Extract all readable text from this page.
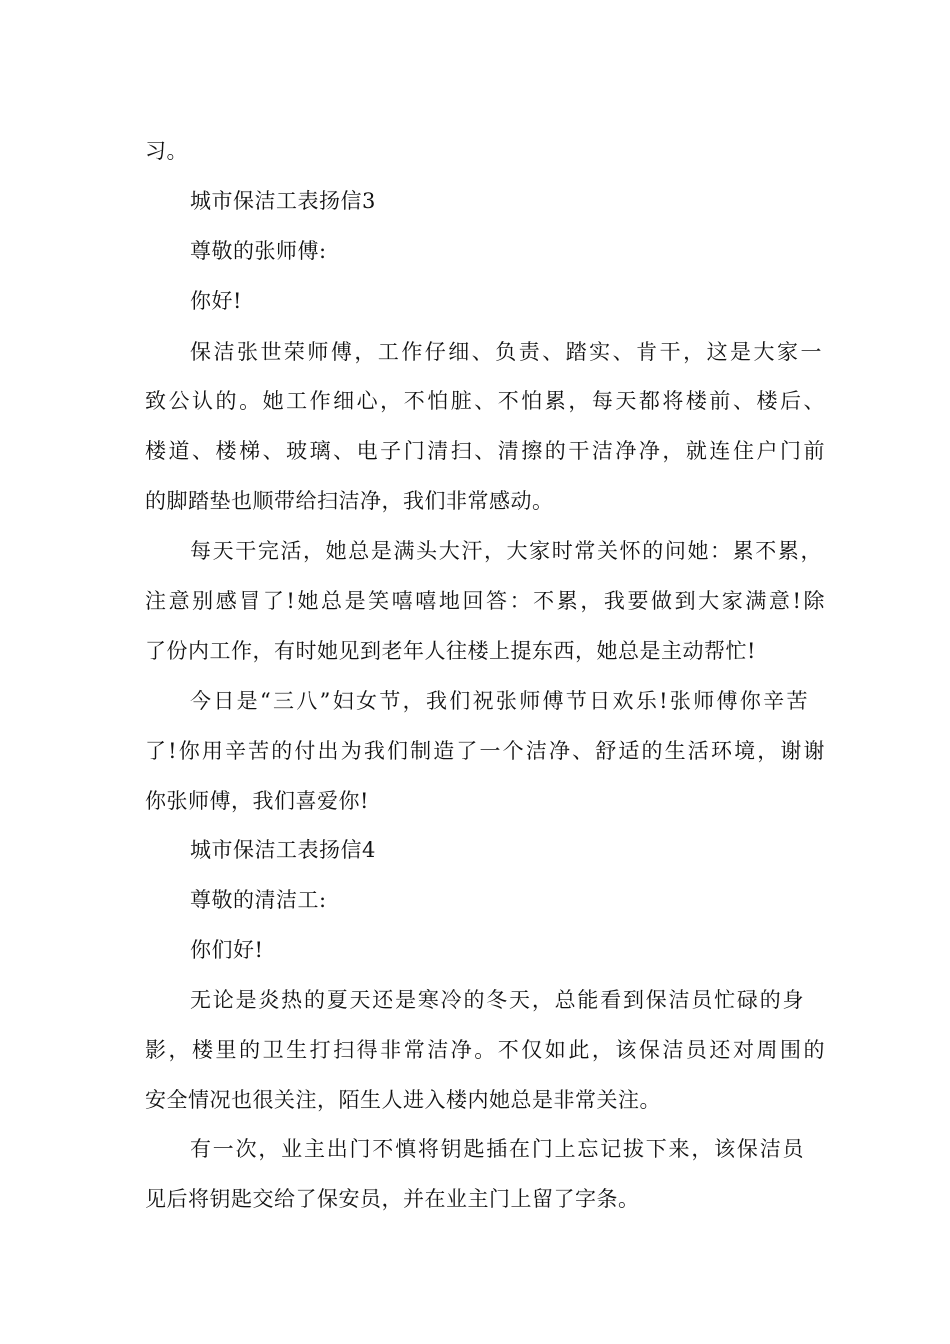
习。
城市保洁工表扬信3
尊敬的张师傅:
你好!
保洁张世荣师傅，工作仔细、负责、踏实、肯干，这是大家一
致公认的。她工作细心，不怕脏、不怕累，每天都将楼前、楼后、
楼道、楼梯、玻璃、电子门清扫、清擦的干洁净净，就连住户门前
的脚踏垫也顺带给扫洁净，我们非常感动。
每天干完活，她总是满头大汗，大家时常关怀的问她：累不累，
注意别感冒了!她总是笑嘻嘻地回答：不累，我要做到大家满意!除
了份内工作，有时她见到老年人往楼上提东西，她总是主动帮忙!
今日是“三八”妇女节，我们祝张师傅节日欢乐!张师傅你辛苦
了!你用辛苦的付出为我们制造了一个洁净、舒适的生活环境，谢谢
你张师傅，我们喜爱你!
城市保洁工表扬信4
尊敬的清洁工:
你们好!
无论是炎热的夏天还是寒冷的冬天，总能看到保洁员忙碌的身
影，楼里的卫生打扫得非常洁净。不仅如此，该保洁员还对周围的
安全情况也很关注，陌生人进入楼内她总是非常关注。
有一次，业主出门不慎将钥匙插在门上忘记拔下来，该保洁员
见后将钥匙交给了保安员，并在业主门上留了字条。
